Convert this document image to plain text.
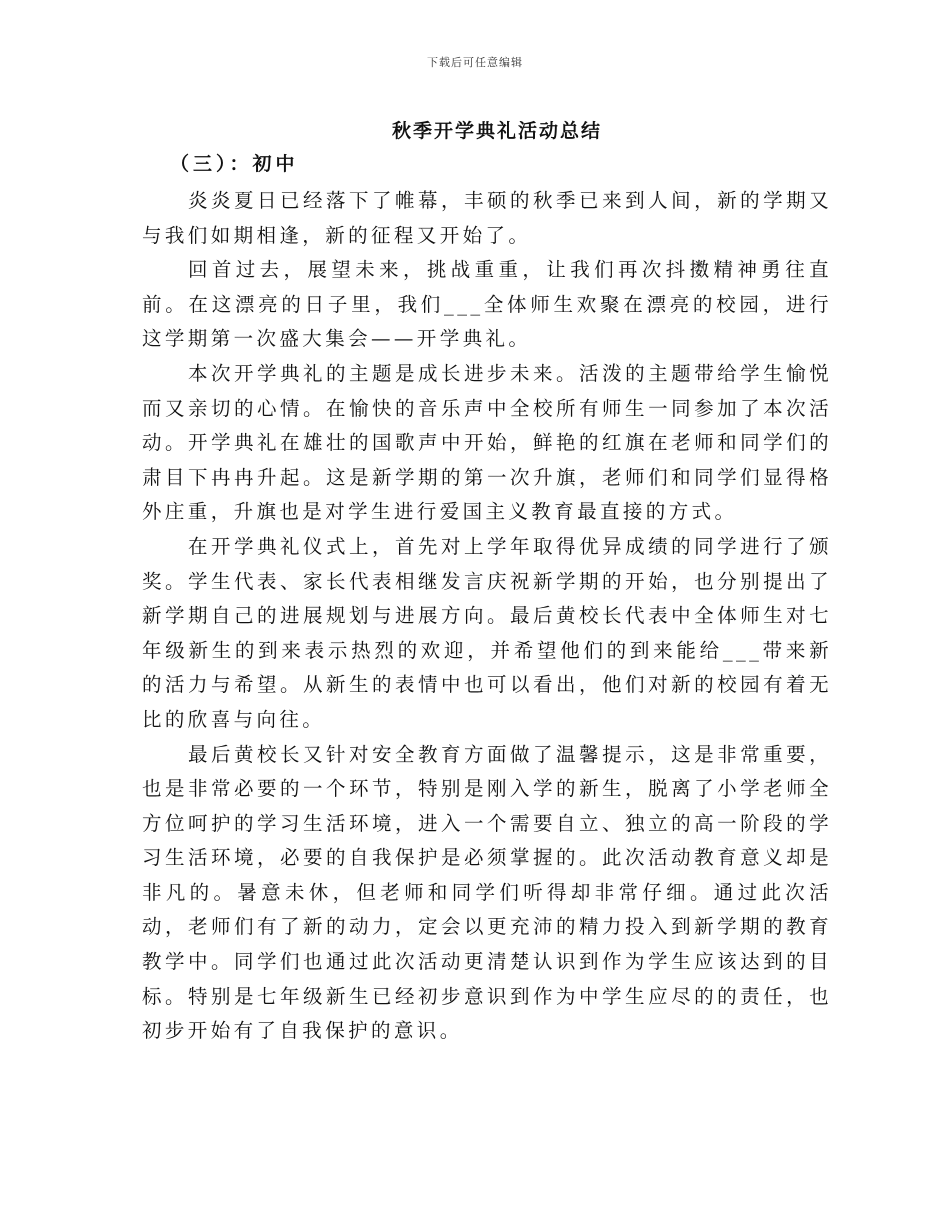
下载后可任意编辑
秋季开学典礼活动总结
（三）：初中

炎炎夏日已经落下了帷幕，丰硕的秋季已来到人间，新的学期又与我们如期相逢，新的征程又开始了。

回首过去，展望未来，挑战重重，让我们再次抖擞精神勇往直前。在这漂亮的日子里，我们___全体师生欢聚在漂亮的校园，进行这学期第一次盛大集会——开学典礼。

本次开学典礼的主题是成长进步未来。活泼的主题带给学生愉悦而又亲切的心情。在愉快的音乐声中全校所有师生一同参加了本次活动。开学典礼在雄壮的国歌声中开始，鲜艳的红旗在老师和同学们的肃目下冉冉升起。这是新学期的第一次升旗，老师们和同学们显得格外庄重，升旗也是对学生进行爱国主义教育最直接的方式。

在开学典礼仪式上，首先对上学年取得优异成绩的同学进行了颁奖。学生代表、家长代表相继发言庆祝新学期的开始，也分别提出了新学期自己的进展规划与进展方向。最后黄校长代表中全体师生对七年级新生的到来表示热烈的欢迎，并希望他们的到来能给___带来新的活力与希望。从新生的表情中也可以看出，他们对新的校园有着无比的欣喜与向往。

最后黄校长又针对安全教育方面做了温馨提示，这是非常重要，也是非常必要的一个环节，特别是刚入学的新生，脱离了小学老师全方位呵护的学习生活环境，进入一个需要自立、独立的高一阶段的学习生活环境，必要的自我保护是必须掌握的。此次活动教育意义却是非凡的。暑意未休，但老师和同学们听得却非常仔细。通过此次活动，老师们有了新的动力，定会以更充沛的精力投入到新学期的教育教学中。同学们也通过此次活动更清楚认识到作为学生应该达到的目标。特别是七年级新生已经初步意识到作为中学生应尽的的责任，也初步开始有了自我保护的意识。
